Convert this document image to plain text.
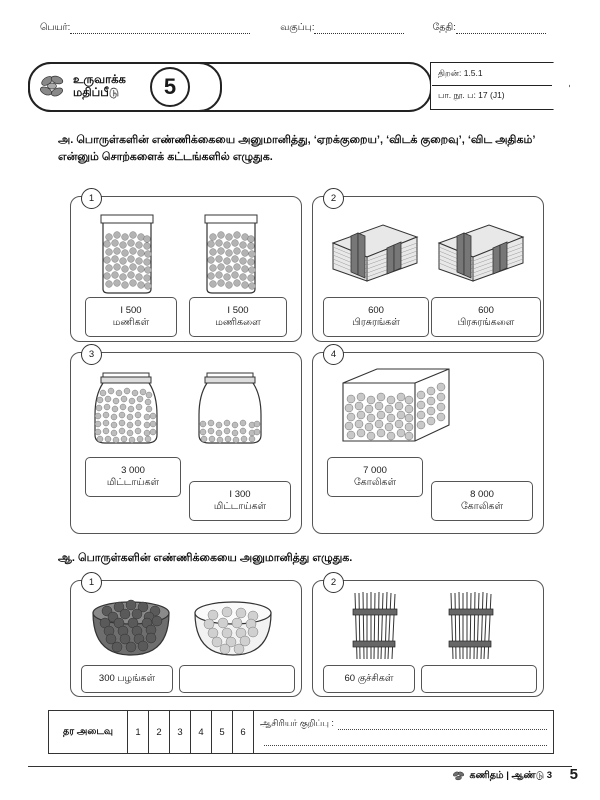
பெயர்:	வகுப்பு:	தேதி:
உருவாக்க
மதிப்பீடு	5
திறன்: 1.5.1
பா. நூ. ப: 17 (J1)
அ. பொருள்களின் எண்ணிக்கையை அனுமானித்து, ‘ஏறக்குறைய’, ‘விடக் குறைவு’, ‘விட அதிகம்’ என்னும் சொற்களைக் கட்டங்களில் எழுதுக.
1
I 500
மணிகள்
I 500
மணிகளை
2
600
பிரசுரங்கள்
600
பிரசுரங்களை
3
3 000
மிட்டாய்கள்
I 300
மிட்டாய்கள்
4
7 000
கோலிகள்
8 000
கோலிகள்
ஆ. பொருள்களின் எண்ணிக்கையை அனுமானித்து எழுதுக.
1
300 பழங்கள்
2
60 குச்சிகள்
தர அடைவு	1	2	3	4	5	6
ஆசிரியர் குறிப்பு :
கணிதம் | ஆண்டு 3 5
